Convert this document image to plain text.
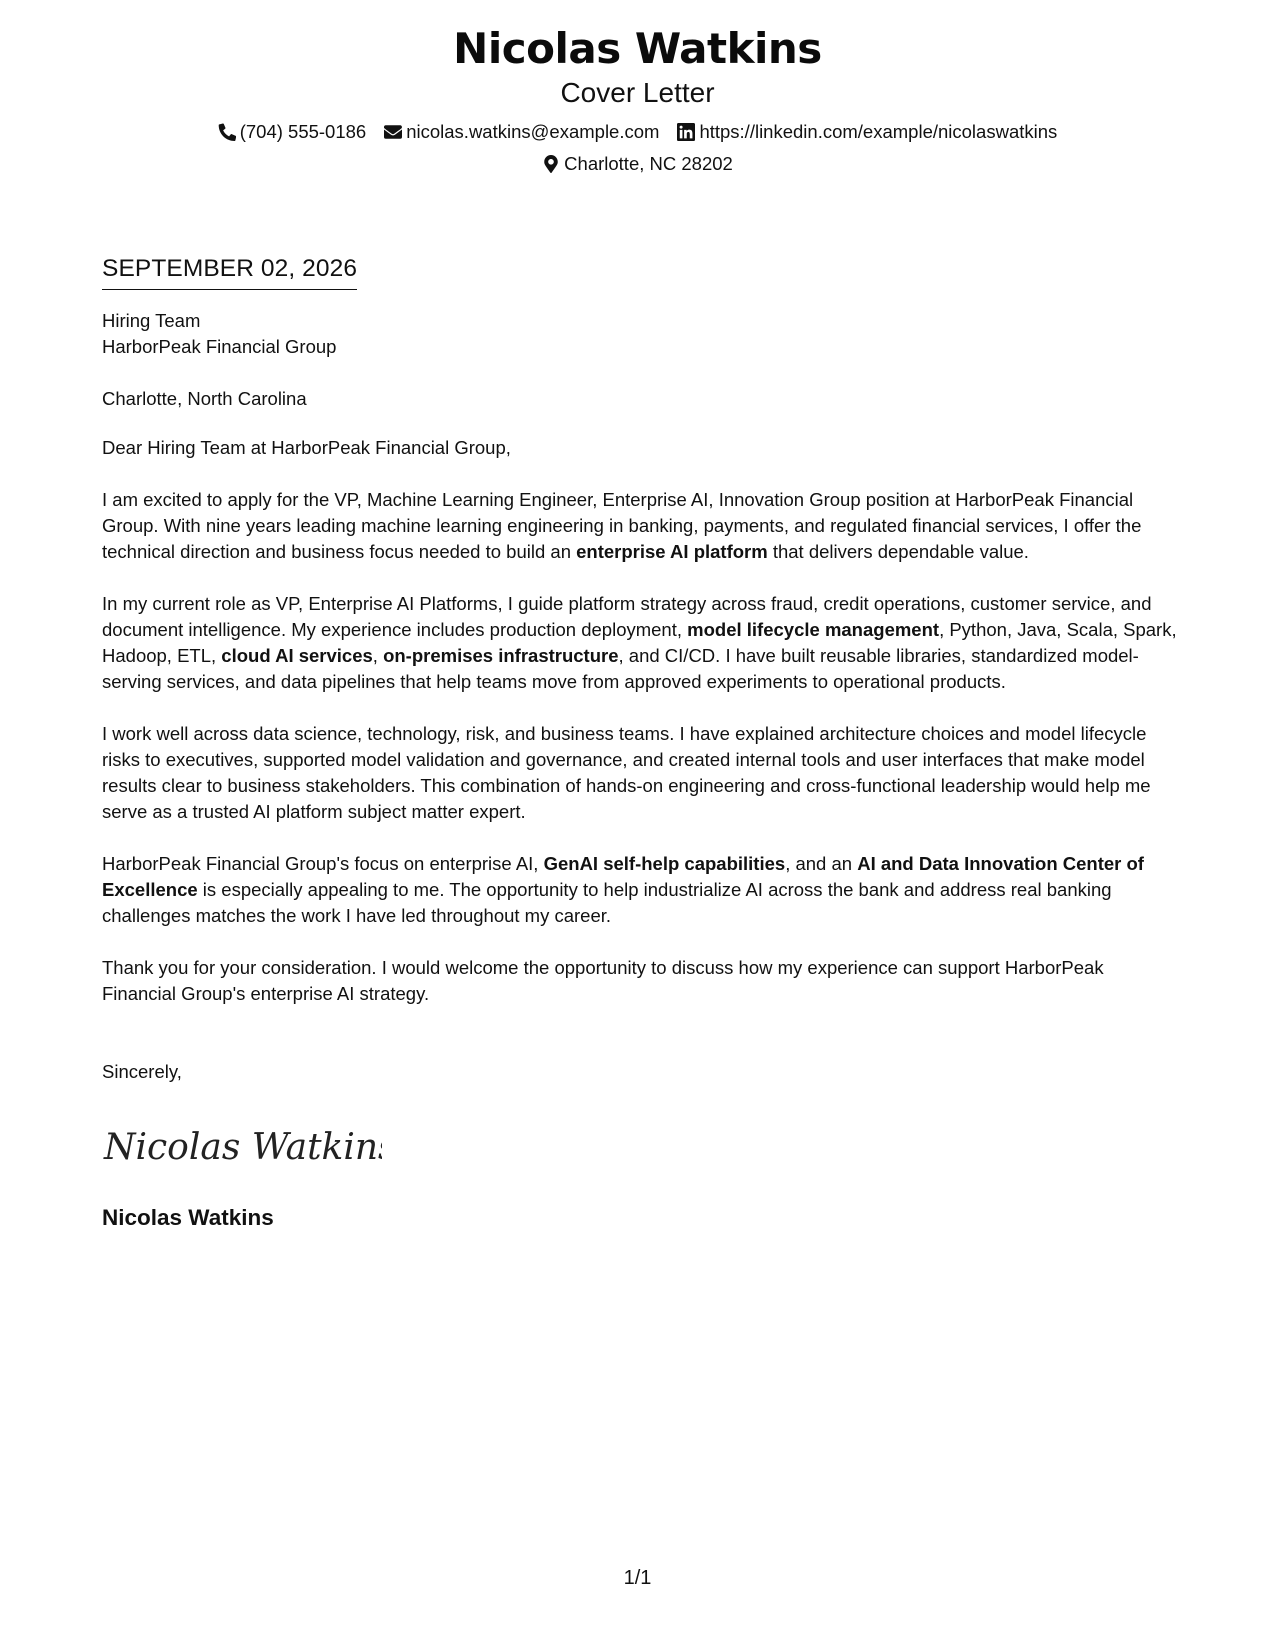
Nicolas Watkins
Cover Letter
(704) 555-0186 nicolas.watkins@example.com https://linkedin.com/example/nicolaswatkins
Charlotte, NC 28202
SEPTEMBER 02, 2026
Hiring Team
HarborPeak Financial Group
Charlotte, North Carolina
Dear Hiring Team at HarborPeak Financial Group,

I am excited to apply for the VP, Machine Learning Engineer, Enterprise AI, Innovation Group position at HarborPeak Financial Group. With nine years leading machine learning engineering in banking, payments, and regulated financial services, I offer the technical direction and business focus needed to build an enterprise AI platform that delivers dependable value.

In my current role as VP, Enterprise AI Platforms, I guide platform strategy across fraud, credit operations, customer service, and document intelligence. My experience includes production deployment, model lifecycle management, Python, Java, Scala, Spark, Hadoop, ETL, cloud AI services, on-premises infrastructure, and CI/CD. I have built reusable libraries, standardized model-serving services, and data pipelines that help teams move from approved experiments to operational products.

I work well across data science, technology, risk, and business teams. I have explained architecture choices and model lifecycle risks to executives, supported model validation and governance, and created internal tools and user interfaces that make model results clear to business stakeholders. This combination of hands-on engineering and cross-functional leadership would help me serve as a trusted AI platform subject matter expert.

HarborPeak Financial Group's focus on enterprise AI, GenAI self-help capabilities, and an AI and Data Innovation Center of Excellence is especially appealing to me. The opportunity to help industrialize AI across the bank and address real banking challenges matches the work I have led throughout my career.

Thank you for your consideration. I would welcome the opportunity to discuss how my experience can support HarborPeak Financial Group's enterprise AI strategy.

Sincerely,
Nicolas Watkins
Nicolas Watkins
1/1
